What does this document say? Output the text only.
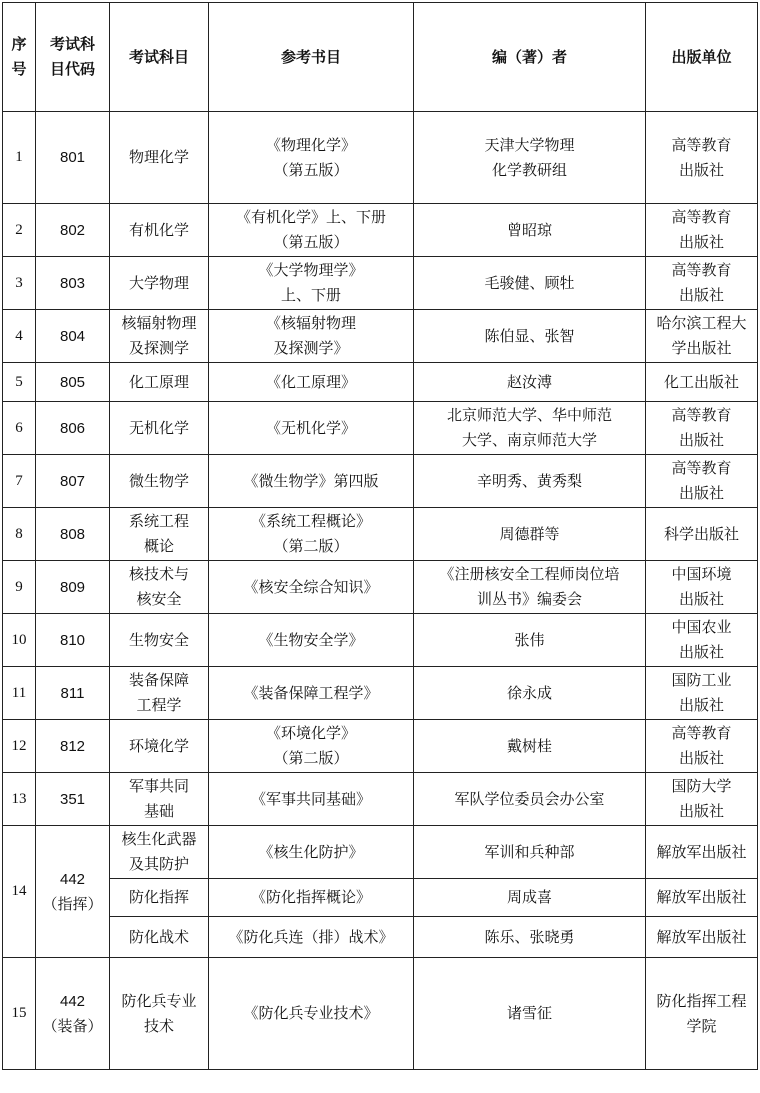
序
号	考试科
目代码	考试科目	参考书目	编（著）者	出版单位
1	801	物理化学	《物理化学》
（第五版）	天津大学物理
化学教研组	高等教育
出版社

2	802	有机化学	《有机化学》上、下册
（第五版）	曾昭琼	高等教育
出版社

3	803	大学物理	《大学物理学》
上、下册	毛骏健、顾牡	高等教育
出版社

4	804	核辐射物理
及探测学	《核辐射物理
及探测学》	陈伯显、张智	哈尔滨工程大
学出版社

5	805	化工原理	《化工原理》	赵汝溥	化工出版社

6	806	无机化学	《无机化学》	北京师范大学、华中师范
大学、南京师范大学	高等教育
出版社

7	807	微生物学	《微生物学》第四版	辛明秀、黄秀梨	高等教育
出版社

8	808	系统工程
概论	《系统工程概论》
（第二版）	周德群等	科学出版社

9	809	核技术与
核安全	《核安全综合知识》	《注册核安全工程师岗位培
训丛书》编委会	中国环境
出版社

10	810	生物安全	《生物安全学》	张伟	中国农业
出版社

11	811	装备保障
工程学	《装备保障工程学》	徐永成	国防工业
出版社

12	812	环境化学	《环境化学》
（第二版）	戴树桂	高等教育
出版社

13	351	军事共同
基础	《军事共同基础》	军队学位委员会办公室	国防大学
出版社

14	442
（指挥）	核生化武器
及其防护	《核生化防护》	军训和兵种部	解放军出版社

		防化指挥	《防化指挥概论》	周成喜	解放军出版社

		防化战术	《防化兵连（排）战术》	陈乐、张晓勇	解放军出版社

15	442
（装备）	防化兵专业
技术	《防化兵专业技术》	诸雪征	防化指挥工程
学院
